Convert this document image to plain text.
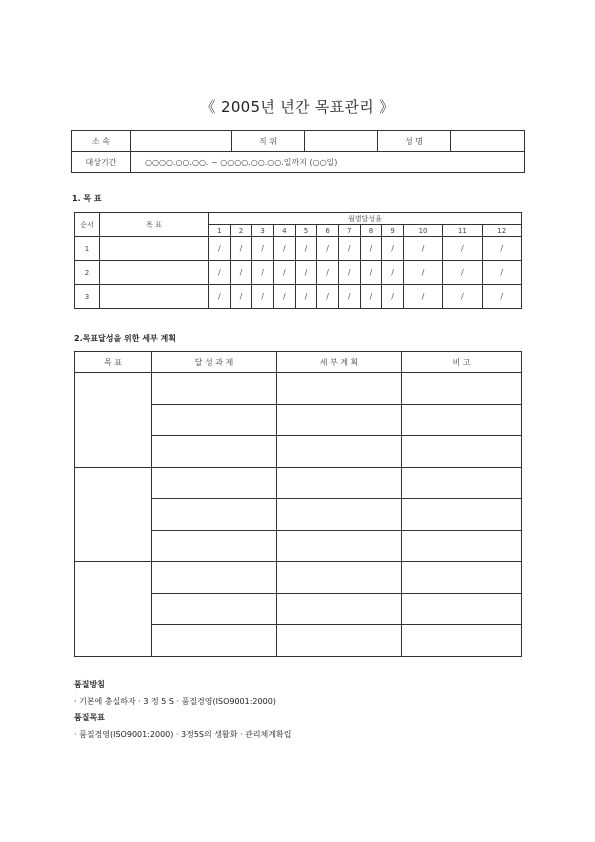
《 2005년 년간 목표관리 》
소 속		직 위		성 명	
대상기간	○○○○.○○.○○. ~ ○○○○.○○.○○.일까지 (○○일)				
1. 목 표
순서	목 표	월별달성율											
		1	2	3	4	5	6	7	8	9	10	11	12
1		/	/	/	/	/	/	/	/	/	/	/	/
2		/	/	/	/	/	/	/	/	/	/	/	/
3		/	/	/	/	/	/	/	/	/	/	/	/
2.목표달성을 위한 세부 계획
목 표	달 성 과 제	세 부 계 획	비 고

품질방침
· 기본에 충실하자 · 3 정 5 S · 품질경영(ISO9001:2000)
품질목표
· 품질경영(ISO9001:2000) · 3정5S의 생활화 · 관리체계확립
